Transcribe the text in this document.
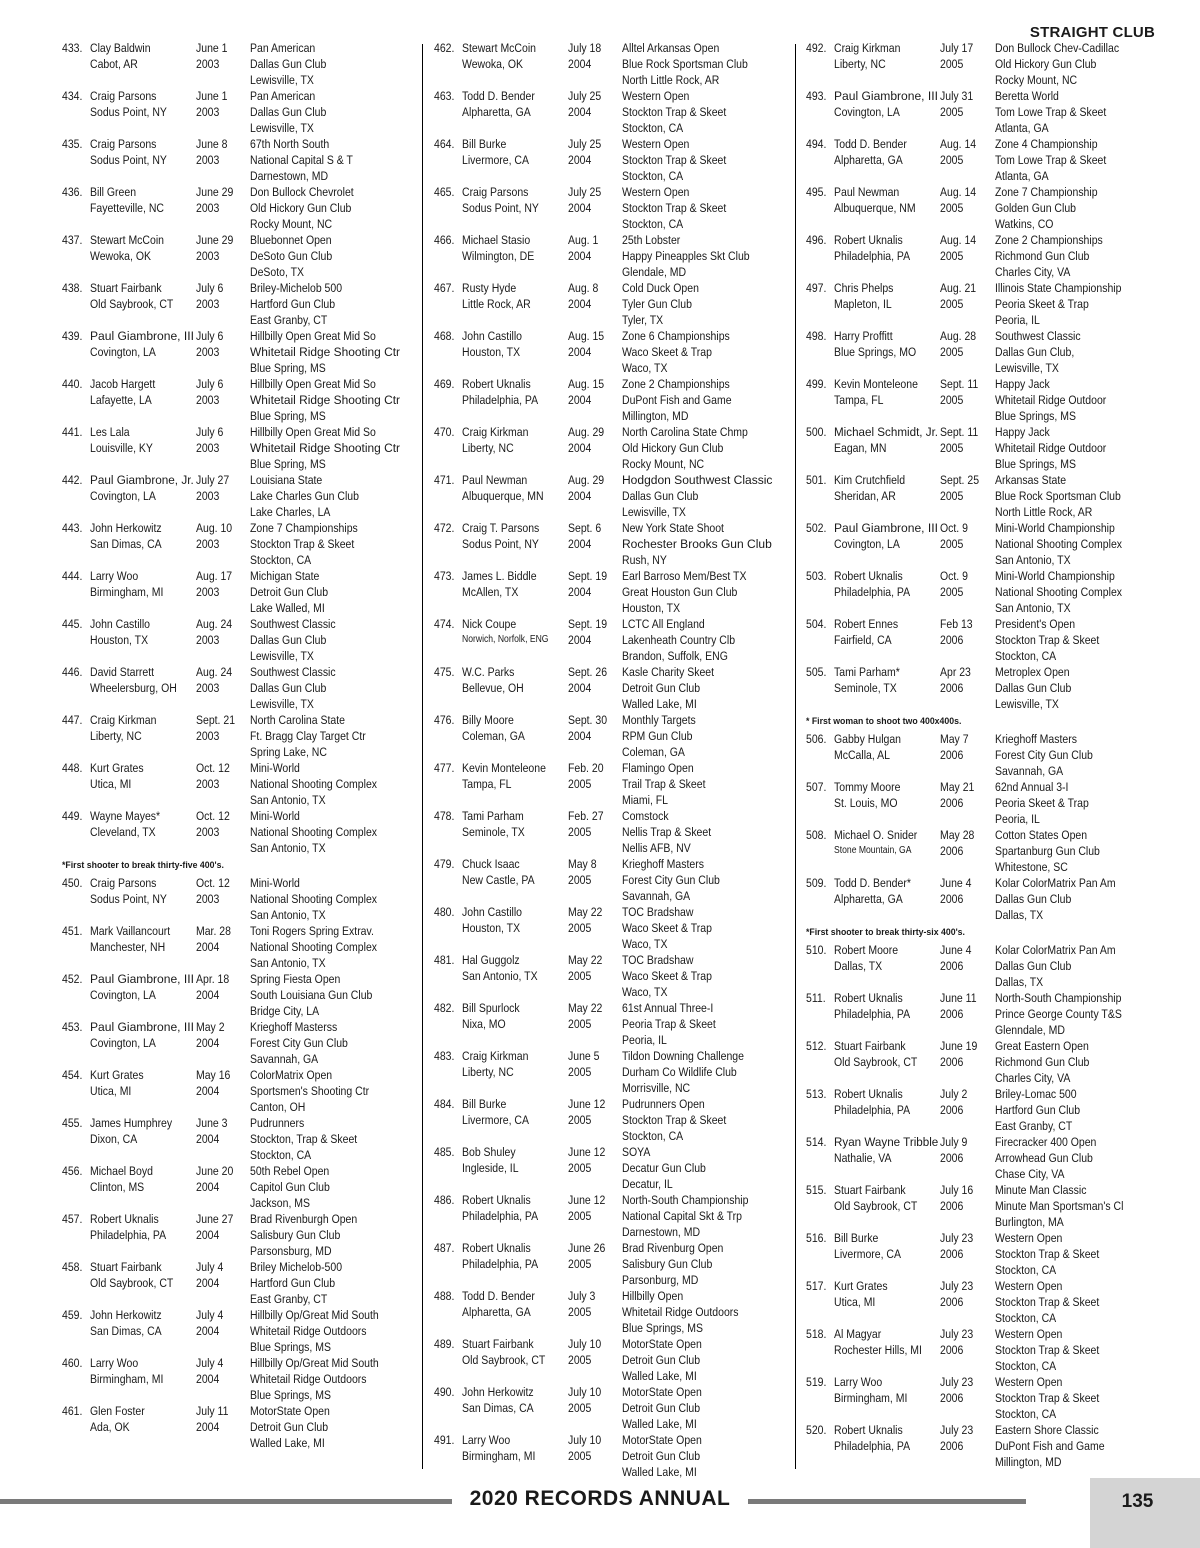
STRAIGHT CLUB
433. Clay Baldwin
Cabot, AR
June 1
2003
Pan American
Dallas Gun Club
Lewisville, TX
434. Craig Parsons
Sodus Point, NY
June 1
2003
Pan American
Dallas Gun Club
Lewisville, TX
435. Craig Parsons
Sodus Point, NY
June 8
2003
67th North South
National Capital S & T
Darnestown, MD
436. Bill Green
Fayetteville, NC
June 29
2003
Don Bullock Chevrolet
Old Hickory Gun Club
Rocky Mount, NC
437. Stewart McCoin
Wewoka, OK
June 29
2003
Bluebonnet Open
DeSoto Gun Club
DeSoto, TX
438. Stuart Fairbank
Old Saybrook, CT
July 6
2003
Briley-Michelob 500
Hartford Gun Club
East Granby, CT
439. Paul Giambrone, III
Covington, LA
July 6
2003
Hillbilly Open Great Mid So
Whitetail Ridge Shooting Ctr
Blue Spring, MS
440. Jacob Hargett
Lafayette, LA
July 6
2003
Hillbilly Open Great Mid So
Whitetail Ridge Shooting Ctr
Blue Spring, MS
441. Les Lala
Louisville, KY
July 6
2003
Hillbilly Open Great Mid So
Whitetail Ridge Shooting Ctr
Blue Spring, MS
442. Paul Giambrone, Jr.
Covington, LA
July 27
2003
Louisiana State
Lake Charles Gun Club
Lake Charles, LA
443. John Herkowitz
San Dimas, CA
Aug. 10
2003
Zone 7 Championships
Stockton Trap & Skeet
Stockton, CA
444. Larry Woo
Birmingham, MI
Aug. 17
2003
Michigan State
Detroit Gun Club
Lake Walled, MI
445. John Castillo
Houston, TX
Aug. 24
2003
Southwest Classic
Dallas Gun Club
Lewisville, TX
446. David Starrett
Wheelersburg, OH
Aug. 24
2003
Southwest Classic
Dallas Gun Club
Lewisville, TX
447. Craig Kirkman
Liberty, NC
Sept. 21
2003
North Carolina State
Ft. Bragg Clay Target Ctr
Spring Lake, NC
448. Kurt Grates
Utica, MI
Oct. 12
2003
Mini-World
National Shooting Complex
San Antonio, TX
449. Wayne Mayes*
Cleveland, TX
Oct. 12
2003
Mini-World
National Shooting Complex
San Antonio, TX
*First shooter to break thirty-five 400's.
450. Craig Parsons
Sodus Point, NY
Oct. 12
2003
Mini-World
National Shooting Complex
San Antonio, TX
451. Mark Vaillancourt
Manchester, NH
Mar. 28
2004
Toni Rogers Spring Extrav.
National Shooting Complex
San Antonio, TX
452. Paul Giambrone, III
Covington, LA
Apr. 18
2004
Spring Fiesta Open
South Louisiana Gun Club
Bridge City, LA
453. Paul Giambrone, III
Covington, LA
May 2
2004
Krieghoff Masterss
Forest City Gun Club
Savannah, GA
454. Kurt Grates
Utica, MI
May 16
2004
ColorMatrix Open
Sportsmen's Shooting Ctr
Canton, OH
455. James Humphrey
Dixon, CA
June 3
2004
Pudrunners
Stockton, Trap & Skeet
Stockton, CA
456. Michael Boyd
Clinton, MS
June 20
2004
50th Rebel Open
Capitol Gun Club
Jackson, MS
457. Robert Uknalis
Philadelphia, PA
June 27
2004
Brad Rivenburgh Open
Salisbury Gun Club
Parsonsburg, MD
458. Stuart Fairbank
Old Saybrook, CT
July 4
2004
Briley Michelob-500
Hartford Gun Club
East Granby, CT
459. John Herkowitz
San Dimas, CA
July 4
2004
Hillbilly Op/Great Mid South
Whitetail Ridge Outdoors
Blue Springs, MS
460. Larry Woo
Birmingham, MI
July 4
2004
Hillbilly Op/Great Mid South
Whitetail Ridge Outdoors
Blue Springs, MS
461. Glen Foster
Ada, OK
July 11
2004
MotorState Open
Detroit Gun Club
Walled Lake, MI
462. Stewart McCoin
Wewoka, OK
July 18
2004
Alltel Arkansas Open
Blue Rock Sportsman Club
North Little Rock, AR
463. Todd D. Bender
Alpharetta, GA
July 25
2004
Western Open
Stockton Trap & Skeet
Stockton, CA
464. Bill Burke
Livermore, CA
July 25
2004
Western Open
Stockton Trap & Skeet
Stockton, CA
465. Craig Parsons
Sodus Point, NY
July 25
2004
Western Open
Stockton Trap & Skeet
Stockton, CA
466. Michael Stasio
Wilmington, DE
Aug. 1
2004
25th Lobster
Happy Pineapples Skt Club
Glendale, MD
467. Rusty Hyde
Little Rock, AR
Aug. 8
2004
Cold Duck Open
Tyler Gun Club
Tyler, TX
468. John Castillo
Houston, TX
Aug. 15
2004
Zone 6 Championships
Waco Skeet & Trap
Waco, TX
469. Robert Uknalis
Philadelphia, PA
Aug. 15
2004
Zone 2 Championships
DuPont Fish and Game
Millington, MD
470. Craig Kirkman
Liberty, NC
Aug. 29
2004
North Carolina State Chmp
Old Hickory Gun Club
Rocky Mount, NC
471. Paul Newman
Albuquerque, MN
Aug. 29
2004
Hodgdon Southwest Classic
Dallas Gun Club
Lewisville, TX
472. Craig T. Parsons
Sodus Point, NY
Sept. 6
2004
New York State Shoot
Rochester Brooks Gun Club
Rush, NY
473. James L. Biddle
McAllen, TX
Sept. 19
2004
Earl Barroso Mem/Best TX
Great Houston Gun Club
Houston, TX
474. Nick Coupe
Norwich, Norfolk, ENG
Sept. 19
2004
LCTC All England
Lakenheath Country Clb
Brandon, Suffolk, ENG
475. W.C. Parks
Bellevue, OH
Sept. 26
2004
Kasle Charity Skeet
Detroit Gun Club
Walled Lake, MI
476. Billy Moore
Coleman, GA
Sept. 30
2004
Monthly Targets
RPM Gun Club
Coleman, GA
477. Kevin Monteleone
Tampa, FL
Feb. 20
2005
Flamingo Open
Trail Trap & Skeet
Miami, FL
478. Tami Parham
Seminole, TX
Feb. 27
2005
Comstock
Nellis Trap & Skeet
Nellis AFB, NV
479. Chuck Isaac
New Castle, PA
May 8
2005
Krieghoff Masters
Forest City Gun Club
Savannah, GA
480. John Castillo
Houston, TX
May 22
2005
TOC Bradshaw
Waco Skeet & Trap
Waco, TX
481. Hal Guggolz
San Antonio, TX
May 22
2005
TOC Bradshaw
Waco Skeet & Trap
Waco, TX
482. Bill Spurlock
Nixa, MO
May 22
2005
61st Annual Three-I
Peoria Trap & Skeet
Peoria, IL
483. Craig Kirkman
Liberty, NC
June 5
2005
Tildon Downing Challenge
Durham Co Wildlife Club
Morrisville, NC
484. Bill Burke
Livermore, CA
June 12
2005
Pudrunners Open
Stockton Trap & Skeet
Stockton, CA
485. Bob Shuley
Ingleside, IL
June 12
2005
SOYA
Decatur Gun Club
Decatur, IL
486. Robert Uknalis
Philadelphia, PA
June 12
2005
North-South Championship
National Capital Skt & Trp
Darnestown, MD
487. Robert Uknalis
Philadelphia, PA
June 26
2005
Brad Rivenburg Open
Salisbury Gun Club
Parsonburg, MD
488. Todd D. Bender
Alpharetta, GA
July 3
2005
Hillbilly Open
Whitetail Ridge Outdoors
Blue Springs, MS
489. Stuart Fairbank
Old Saybrook, CT
July 10
2005
MotorState Open
Detroit Gun Club
Walled Lake, MI
490. John Herkowitz
San Dimas, CA
July 10
2005
MotorState Open
Detroit Gun Club
Walled Lake, MI
491. Larry Woo
Birmingham, MI
July 10
2005
MotorState Open
Detroit Gun Club
Walled Lake, MI
492. Craig Kirkman
Liberty, NC
July 17
2005
Don Bullock Chev-Cadillac
Old Hickory Gun Club
Rocky Mount, NC
493. Paul Giambrone, III
Covington, LA
July 31
2005
Beretta World
Tom Lowe Trap & Skeet
Atlanta, GA
494. Todd D. Bender
Alpharetta, GA
Aug. 14
2005
Zone 4 Championship
Tom Lowe Trap & Skeet
Atlanta, GA
495. Paul Newman
Albuquerque, NM
Aug. 14
2005
Zone 7 Championship
Golden Gun Club
Watkins, CO
496. Robert Uknalis
Philadelphia, PA
Aug. 14
2005
Zone 2 Championships
Richmond Gun Club
Charles City, VA
497. Chris Phelps
Mapleton, IL
Aug. 21
2005
Illinois State Championship
Peoria Skeet & Trap
Peoria, IL
498. Harry Proffitt
Blue Springs, MO
Aug. 28
2005
Southwest Classic
Dallas Gun Club,
Lewisville, TX
499. Kevin Monteleone
Tampa, FL
Sept. 11
2005
Happy Jack
Whitetail Ridge Outdoor
Blue Springs, MS
500. Michael Schmidt, Jr.
Eagan, MN
Sept. 11
2005
Happy Jack
Whitetail Ridge Outdoor
Blue Springs, MS
501. Kim Crutchfield
Sheridan, AR
Sept. 25
2005
Arkansas State
Blue Rock Sportsman Club
North Little Rock, AR
502. Paul Giambrone, III
Covington, LA
Oct. 9
2005
Mini-World Championship
National Shooting Complex
San Antonio, TX
503. Robert Uknalis
Philadelphia, PA
Oct. 9
2005
Mini-World Championship
National Shooting Complex
San Antonio, TX
504. Robert Ennes
Fairfield, CA
Feb 13
2006
President's Open
Stockton Trap & Skeet
Stockton, CA
505. Tami Parham*
Seminole, TX
Apr 23
2006
Metroplex Open
Dallas Gun Club
Lewisville, TX
* First woman to shoot two 400x400s.
506. Gabby Hulgan
McCalla, AL
May 7
2006
Krieghoff Masters
Forest City Gun Club
Savannah, GA
507. Tommy Moore
St. Louis, MO
May 21
2006
62nd Annual 3-I
Peoria Skeet & Trap
Peoria, IL
508. Michael O. Snider
Stone Mountain, GA
May 28
2006
Cotton States Open
Spartanburg Gun Club
Whitestone, SC
509. Todd D. Bender*
Alpharetta, GA
June 4
2006
Kolar ColorMatrix Pan Am
Dallas Gun Club
Dallas, TX
*First shooter to break thirty-six 400's.
510. Robert Moore
Dallas, TX
June 4
2006
Kolar ColorMatrix Pan Am
Dallas Gun Club
Dallas, TX
511. Robert Uknalis
Philadelphia, PA
June 11
2006
North-South Championship
Prince George County T&S
Glenndale, MD
512. Stuart Fairbank
Old Saybrook, CT
June 19
2006
Great Eastern Open
Richmond Gun Club
Charles City, VA
513. Robert Uknalis
Philadelphia, PA
July 2
2006
Briley-Lomac 500
Hartford Gun Club
East Granby, CT
514. Ryan Wayne Tribble
Nathalie, VA
July 9
2006
Firecracker 400 Open
Arrowhead Gun Club
Chase City, VA
515. Stuart Fairbank
Old Saybrook, CT
July 16
2006
Minute Man Classic
Minute Man Sportsman's Cl
Burlington, MA
516. Bill Burke
Livermore, CA
July 23
2006
Western Open
Stockton Trap & Skeet
Stockton, CA
517. Kurt Grates
Utica, MI
July 23
2006
Western Open
Stockton Trap & Skeet
Stockton, CA
518. Al Magyar
Rochester Hills, MI
July 23
2006
Western Open
Stockton Trap & Skeet
Stockton, CA
519. Larry Woo
Birmingham, MI
July 23
2006
Western Open
Stockton Trap & Skeet
Stockton, CA
520. Robert Uknalis
Philadelphia, PA
July 23
2006
Eastern Shore Classic
DuPont Fish and Game
Millington, MD
2020 RECORDS ANNUAL	135
